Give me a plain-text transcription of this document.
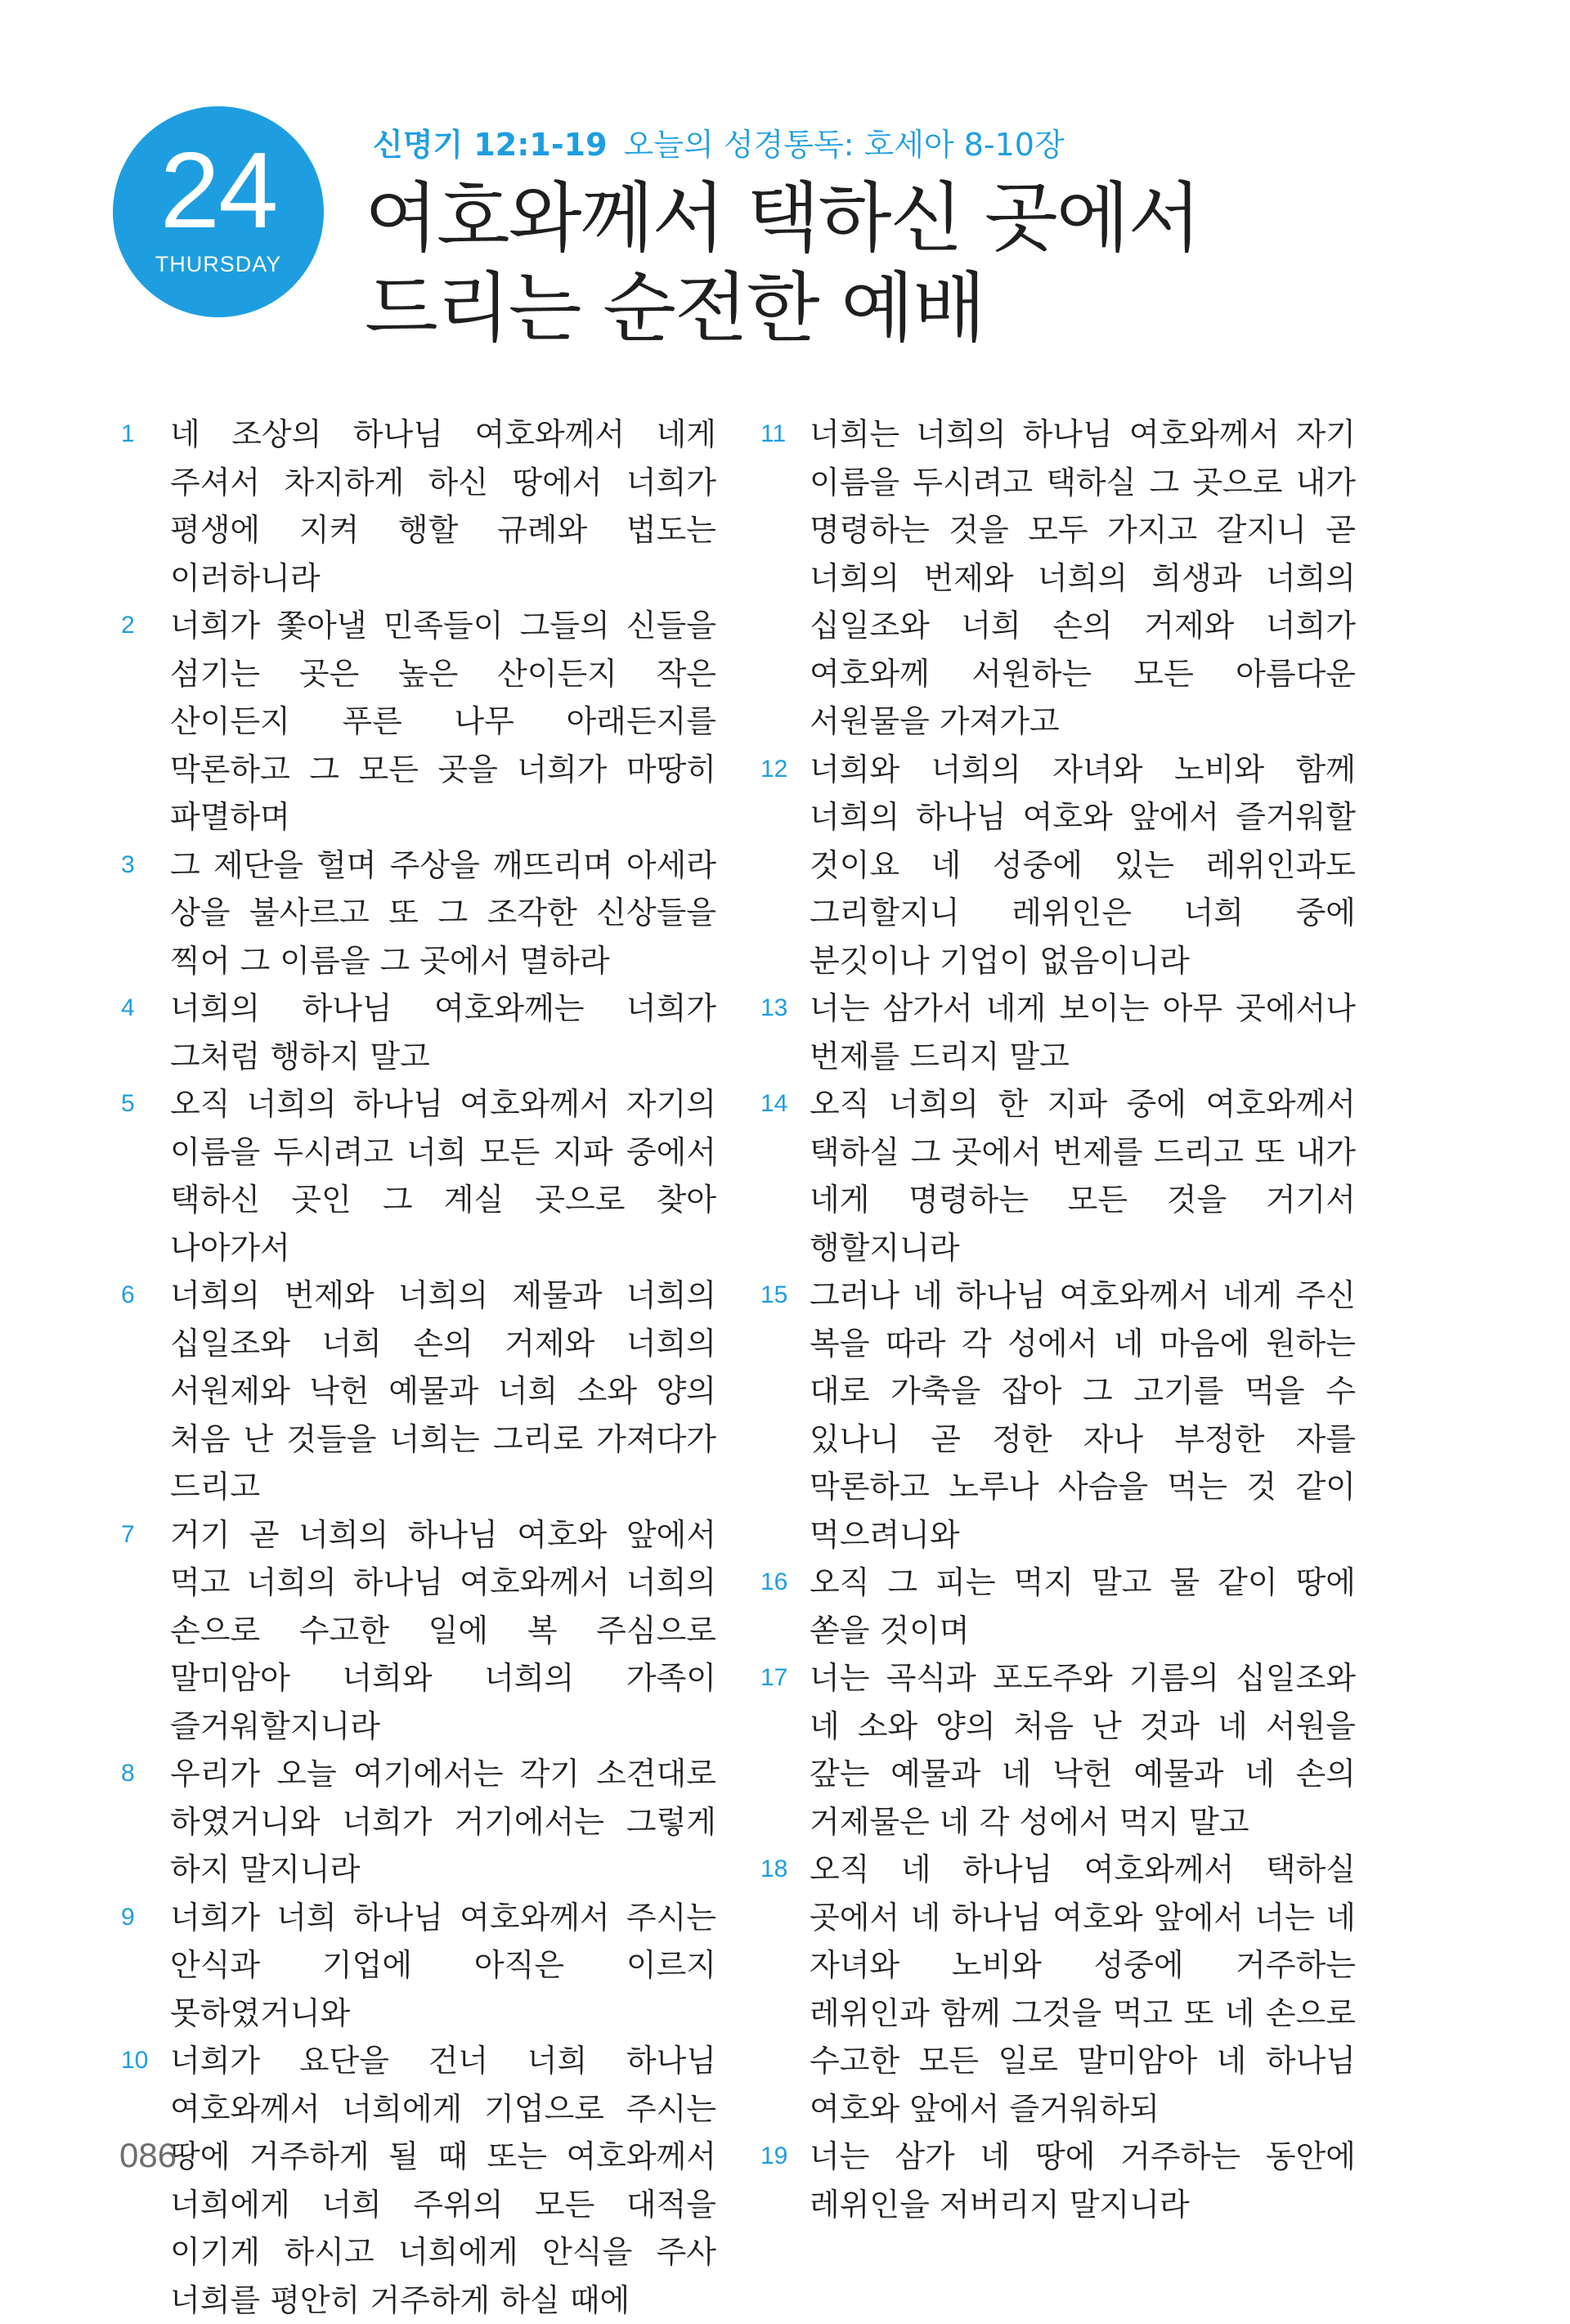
24
THURSDAY
신명기 12:1-19 오늘의 성경통독: 호세아 8-10장
여호와께서 택하신 곳에서
드리는 순전한 예배
1	네 조상의 하나님 여호와께서 네게 주셔서 차지하게 하신 땅에서 너희가 평생에 지켜 행할 규례와 법도는 이러하니라
2	너희가 쫓아낼 민족들이 그들의 신들을 섬기는 곳은 높은 산이든지 작은 산이든지 푸른 나무 아래든지를 막론하고 그 모든 곳을 너희가 마땅히 파멸하며
3	그 제단을 헐며 주상을 깨뜨리며 아세라 상을 불사르고 또 그 조각한 신상들을 찍어 그 이름을 그 곳에서 멸하라
4	너희의 하나님 여호와께는 너희가 그처럼 행하지 말고
5	오직 너희의 하나님 여호와께서 자기의 이름을 두시려고 너희 모든 지파 중에서 택하신 곳인 그 계실 곳으로 찾아 나아가서
6	너희의 번제와 너희의 제물과 너희의 십일조와 너희 손의 거제와 너희의 서원제와 낙헌 예물과 너희 소와 양의 처음 난 것들을 너희는 그리로 가져다가 드리고
7	거기 곧 너희의 하나님 여호와 앞에서 먹고 너희의 하나님 여호와께서 너희의 손으로 수고한 일에 복 주심으로 말미암아 너희와 너희의 가족이 즐거워할지니라
8	우리가 오늘 여기에서는 각기 소견대로 하였거니와 너희가 거기에서는 그렇게 하지 말지니라
9	너희가 너희 하나님 여호와께서 주시는 안식과 기업에 아직은 이르지 못하였거니와
10 너희가 요단을 건너 너희 하나님 여호와께서 너희에게 기업으로 주시는 땅에 거주하게 될 때 또는 여호와께서 너희에게 너희 주위의 모든 대적을 이기게 하시고 너희에게 안식을 주사 너희를 평안히 거주하게 하실 때에
11 너희는 너희의 하나님 여호와께서 자기 이름을 두시려고 택하실 그 곳으로 내가 명령하는 것을 모두 가지고 갈지니 곧 너희의 번제와 너희의 희생과 너희의 십일조와 너희 손의 거제와 너희가 여호와께 서원하는 모든 아름다운 서원물을 가져가고
12 너희와 너희의 자녀와 노비와 함께 너희의 하나님 여호와 앞에서 즐거워할 것이요 네 성중에 있는 레위인과도 그리할지니 레위인은 너희 중에 분깃이나 기업이 없음이니라
13 너는 삼가서 네게 보이는 아무 곳에서나 번제를 드리지 말고
14 오직 너희의 한 지파 중에 여호와께서 택하실 그 곳에서 번제를 드리고 또 내가 네게 명령하는 모든 것을 거기서 행할지니라
15 그러나 네 하나님 여호와께서 네게 주신 복을 따라 각 성에서 네 마음에 원하는 대로 가축을 잡아 그 고기를 먹을 수 있나니 곧 정한 자나 부정한 자를 막론하고 노루나 사슴을 먹는 것 같이 먹으려니와
16 오직 그 피는 먹지 말고 물 같이 땅에 쏟을 것이며
17 너는 곡식과 포도주와 기름의 십일조와 네 소와 양의 처음 난 것과 네 서원을 갚는 예물과 네 낙헌 예물과 네 손의 거제물은 네 각 성에서 먹지 말고
18 오직 네 하나님 여호와께서 택하실 곳에서 네 하나님 여호와 앞에서 너는 네 자녀와 노비와 성중에 거주하는 레위인과 함께 그것을 먹고 또 네 손으로 수고한 모든 일로 말미암아 네 하나님 여호와 앞에서 즐거워하되
19 너는 삼가 네 땅에 거주하는 동안에 레위인을 저버리지 말지니라
086
